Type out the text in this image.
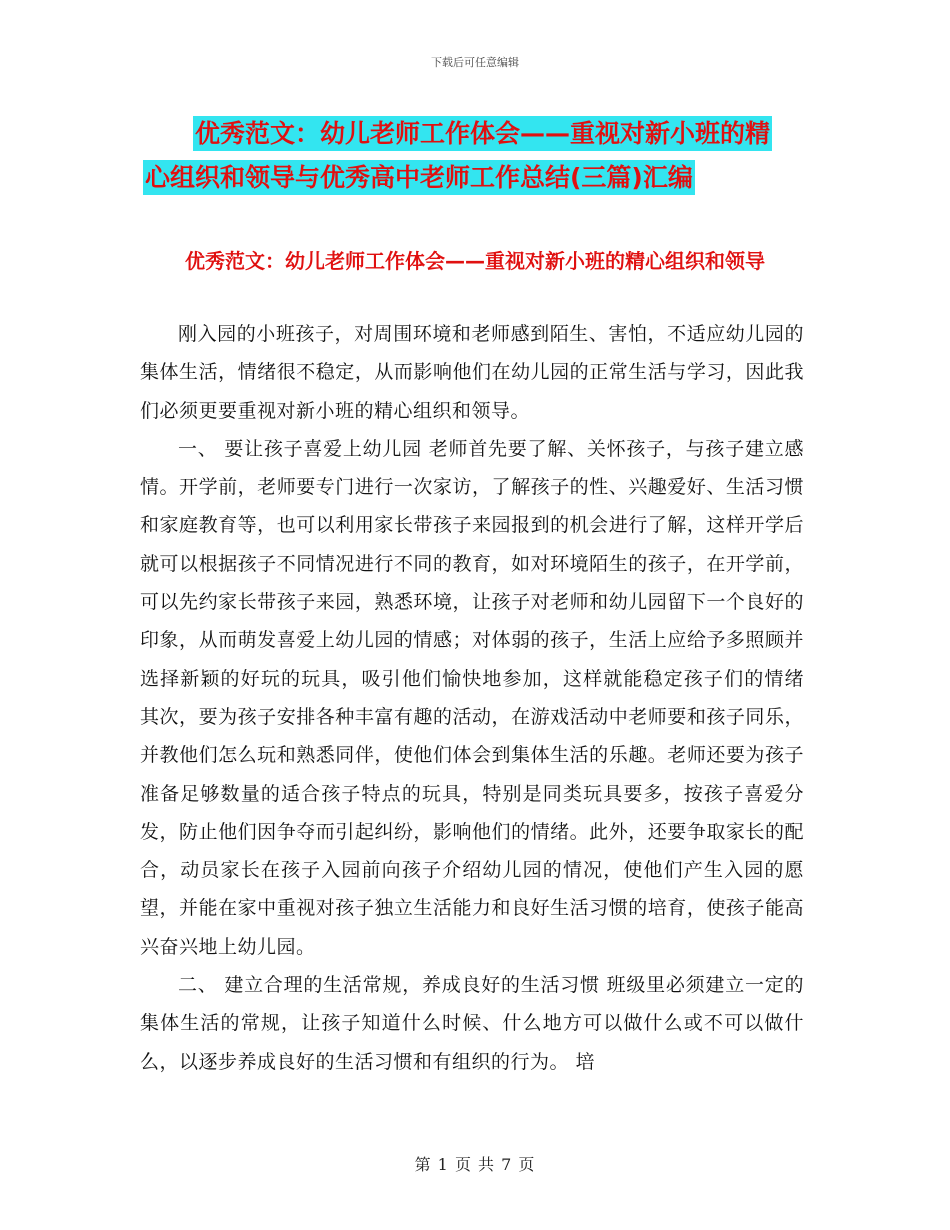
下载后可任意编辑
优秀范文：幼儿老师工作体会——重视对新小班的精
心组织和领导与优秀高中老师工作总结(三篇)汇编
优秀范文：幼儿老师工作体会——重视对新小班的精心组织和领导

刚入园的小班孩子，对周围环境和老师感到陌生、害怕，不适应幼儿园的集体生活，情绪很不稳定，从而影响他们在幼儿园的正常生活与学习，因此我们必须更要重视对新小班的精心组织和领导。

一、 要让孩子喜爱上幼儿园 老师首先要了解、关怀孩子，与孩子建立感情。开学前，老师要专门进行一次家访，了解孩子的性、兴趣爱好、生活习惯和家庭教育等，也可以利用家长带孩子来园报到的机会进行了解，这样开学后就可以根据孩子不同情况进行不同的教育，如对环境陌生的孩子，在开学前，可以先约家长带孩子来园，熟悉环境，让孩子对老师和幼儿园留下一个良好的印象，从而萌发喜爱上幼儿园的情感；对体弱的孩子，生活上应给予多照顾并选择新颖的好玩的玩具，吸引他们愉快地参加，这样就能稳定孩子们的情绪 其次，要为孩子安排各种丰富有趣的活动，在游戏活动中老师要和孩子同乐，并教他们怎么玩和熟悉同伴，使他们体会到集体生活的乐趣。老师还要为孩子准备足够数量的适合孩子特点的玩具，特别是同类玩具要多，按孩子喜爱分发，防止他们因争夺而引起纠纷，影响他们的情绪。此外，还要争取家长的配合，动员家长在孩子入园前向孩子介绍幼儿园的情况，使他们产生入园的愿望，并能在家中重视对孩子独立生活能力和良好生活习惯的培育，使孩子能高兴奋兴地上幼儿园。

二、 建立合理的生活常规，养成良好的生活习惯 班级里必须建立一定的集体生活的常规，让孩子知道什么时候、什么地方可以做什么或不可以做什么，以逐步养成良好的生活习惯和有组织的行为。 培

第 1 页 共 7 页
